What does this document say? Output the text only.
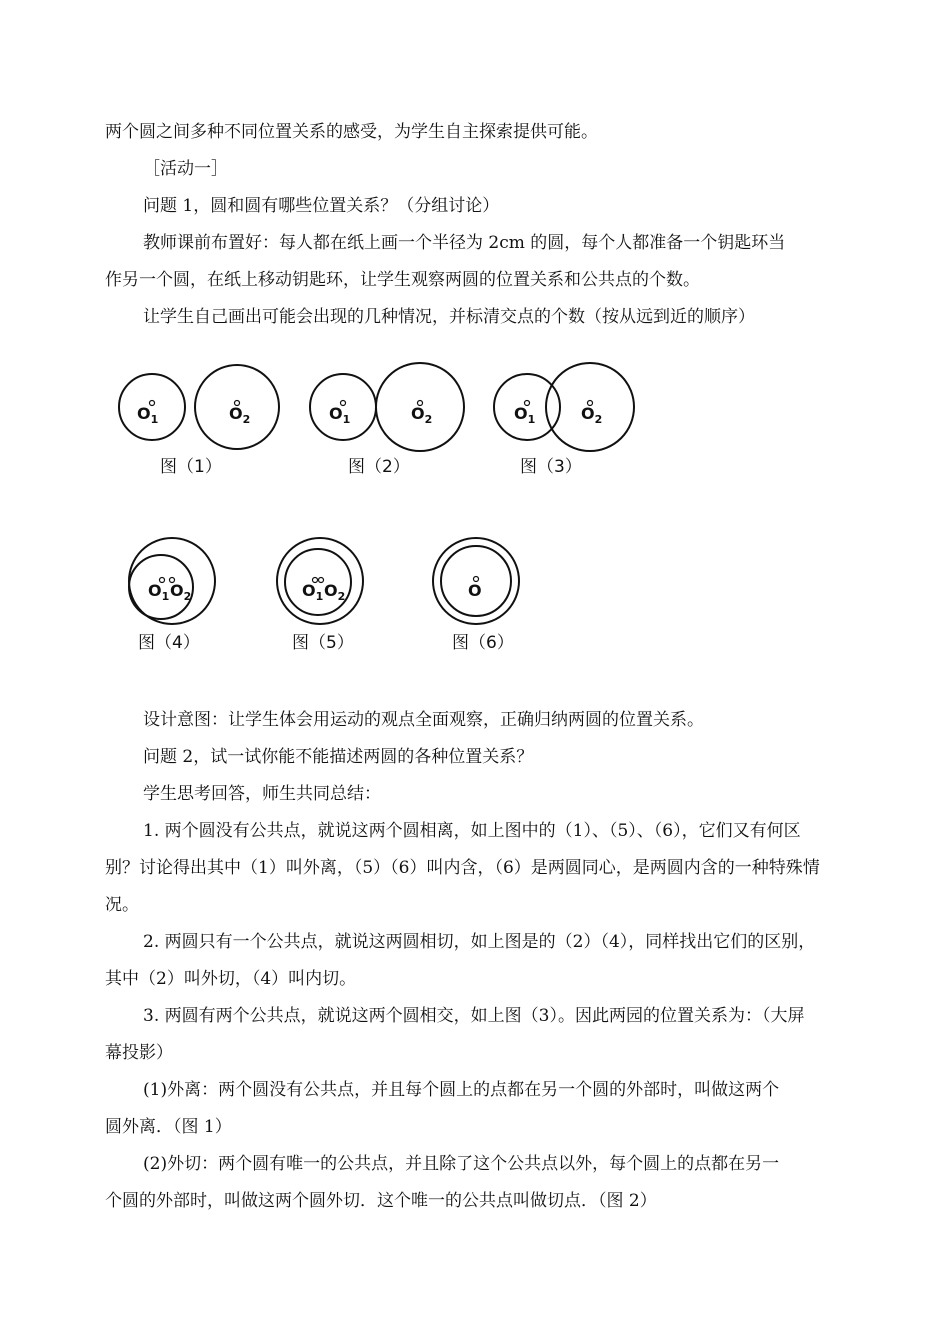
两个圆之间多种不同位置关系的感受，为学生自主探索提供可能。
［活动一］
问题 1，圆和圆有哪些位置关系？（分组讨论）
教师课前布置好：每人都在纸上画一个半径为 2cm 的圆，每个人都准备一个钥匙环当
作另一个圆，在纸上移动钥匙环，让学生观察两圆的位置关系和公共点的个数。
让学生自己画出可能会出现的几种情况，并标清交点的个数（按从远到近的顺序）
$O_1$	$O_2$
图（1）
$O_1$	$O_2$
图（2）
$O_1$	$O_2$
图（3）
$O_1$ $O_2$
图（4）
$O_1$ $O_2$
图（5）
O
图（6）
设计意图：让学生体会用运动的观点全面观察，正确归纳两圆的位置关系。
问题 2，试一试你能不能描述两圆的各种位置关系？
学生思考回答，师生共同总结：
1. 两个圆没有公共点，就说这两个圆相离，如上图中的（1）、（5）、（6），它们又有何区
别？讨论得出其中（1）叫外离，（5）（6）叫内含，（6）是两圆同心，是两圆内含的一种特殊情
况。
2. 两圆只有一个公共点，就说这两圆相切，如上图是的（2）（4），同样找出它们的区别，
其中（2）叫外切，（4）叫内切。
3. 两圆有两个公共点，就说这两个圆相交，如上图（3）。因此两园的位置关系为：（大屏
幕投影）
(1)外离：两个圆没有公共点，并且每个圆上的点都在另一个圆的外部时，叫做这两个
圆外离．（图 1）
(2)外切：两个圆有唯一的公共点，并且除了这个公共点以外，每个圆上的点都在另一
个圆的外部时，叫做这两个圆外切．这个唯一的公共点叫做切点．（图 2）
